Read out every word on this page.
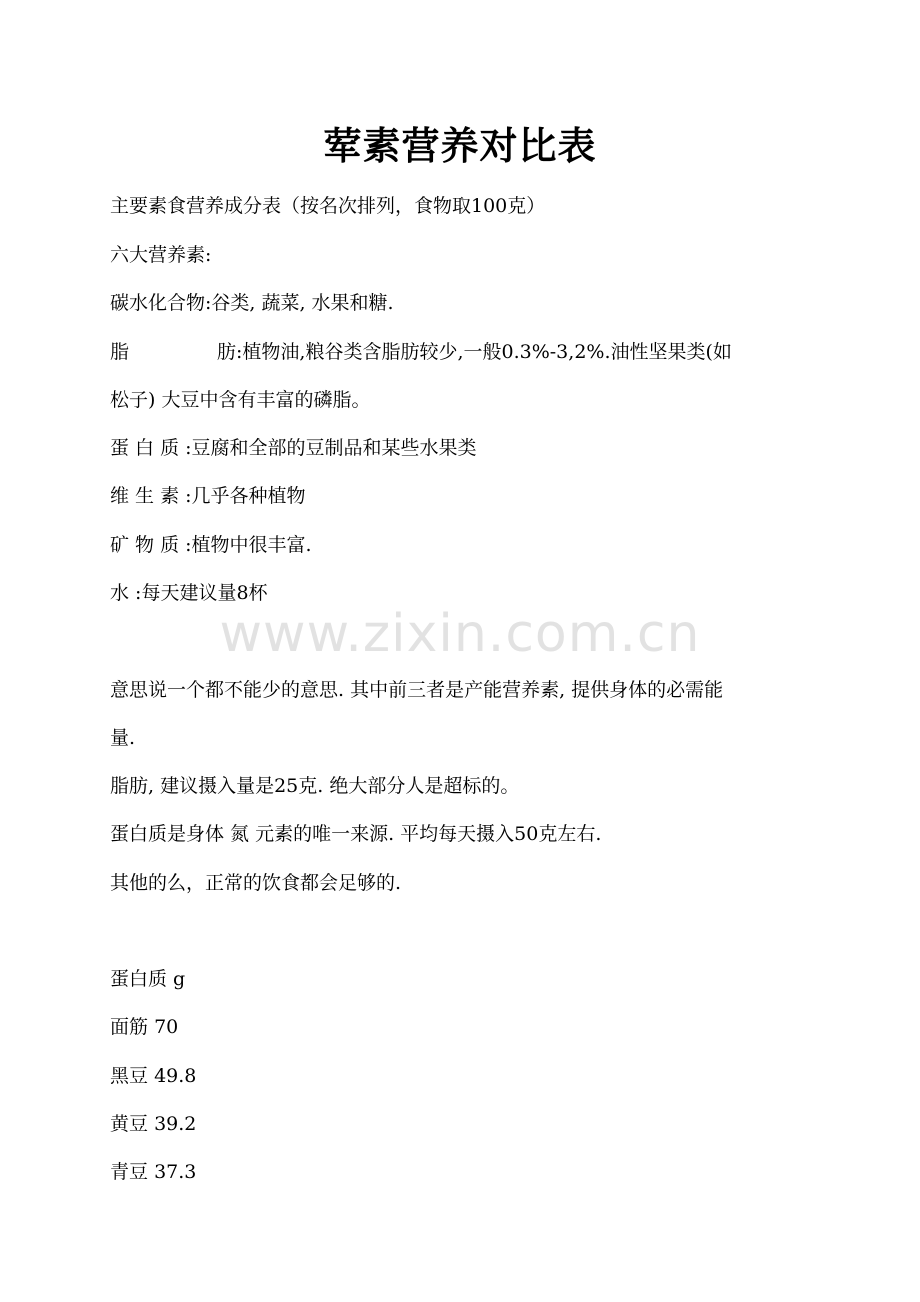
荤素营养对比表
主要素食营养成分表（按名次排列，食物取100克）
六大营养素:
碳水化合物:谷类, 蔬菜, 水果和糖.
脂	肪:植物油,粮谷类含脂肪较少,一般0.3%-3,2%.油性坚果类(如
松子) 大豆中含有丰富的磷脂。
蛋 白 质 :豆腐和全部的豆制品和某些水果类
维 生 素 :几乎各种植物
矿 物 质 :植物中很丰富.
水 :每天建议量8杯
www.zixin.com.cn
意思说一个都不能少的意思. 其中前三者是产能营养素, 提供身体的必需能
量.
脂肪, 建议摄入量是25克. 绝大部分人是超标的。
蛋白质是身体 氮 元素的唯一来源. 平均每天摄入50克左右.
其他的么，正常的饮食都会足够的.
蛋白质 g
面筋 70
黑豆 49.8
黄豆 39.2
青豆 37.3
